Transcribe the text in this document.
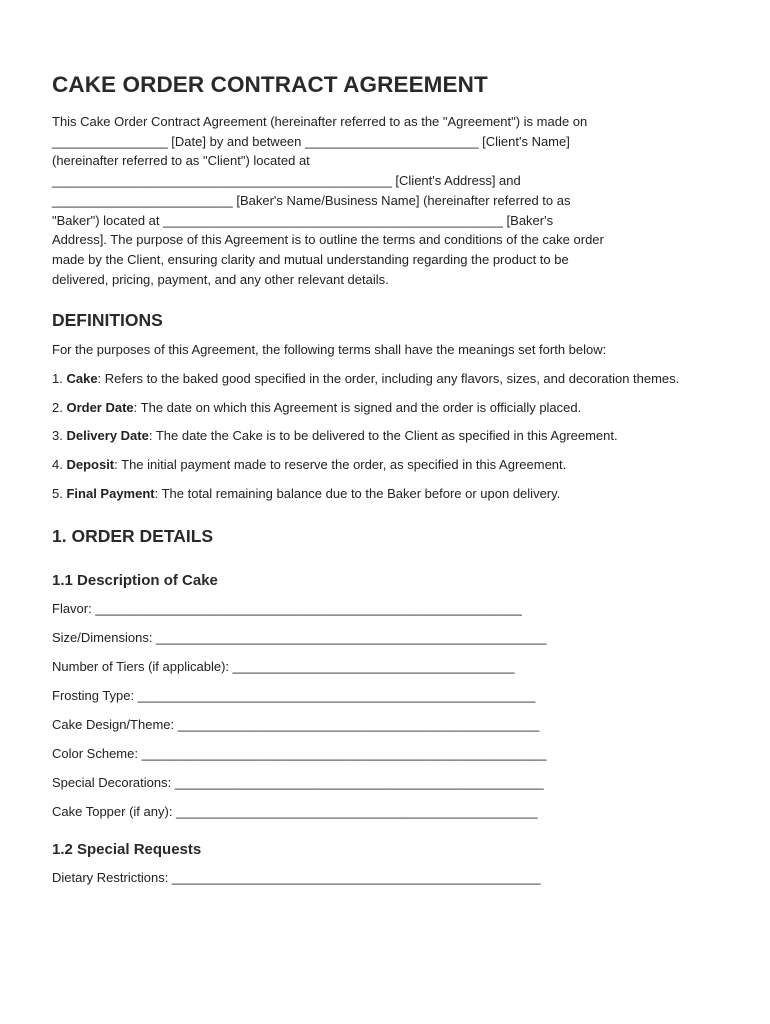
CAKE ORDER CONTRACT AGREEMENT

This Cake Order Contract Agreement (hereinafter referred to as the "Agreement") is made on
________________ [Date] by and between ________________________ [Client's Name]
(hereinafter referred to as "Client") located at
_______________________________________________ [Client's Address] and
_________________________ [Baker's Name/Business Name] (hereinafter referred to as
"Baker") located at _______________________________________________ [Baker's
Address]. The purpose of this Agreement is to outline the terms and conditions of the cake order
made by the Client, ensuring clarity and mutual understanding regarding the product to be
delivered, pricing, payment, and any other relevant details.

DEFINITIONS

For the purposes of this Agreement, the following terms shall have the meanings set forth below:

1. Cake: Refers to the baked good specified in the order, including any flavors, sizes, and decoration themes.

2. Order Date: The date on which this Agreement is signed and the order is officially placed.

3. Delivery Date: The date the Cake is to be delivered to the Client as specified in this Agreement.

4. Deposit: The initial payment made to reserve the order, as specified in this Agreement.

5. Final Payment: The total remaining balance due to the Baker before or upon delivery.

1. ORDER DETAILS
1.1 Description of Cake

Flavor: ___________________________________________________________

Size/Dimensions: ______________________________________________________

Number of Tiers (if applicable): _______________________________________

Frosting Type: _______________________________________________________

Cake Design/Theme: __________________________________________________

Color Scheme: ________________________________________________________

Special Decorations: ___________________________________________________

Cake Topper (if any): __________________________________________________

1.2 Special Requests

Dietary Restrictions: ___________________________________________________
